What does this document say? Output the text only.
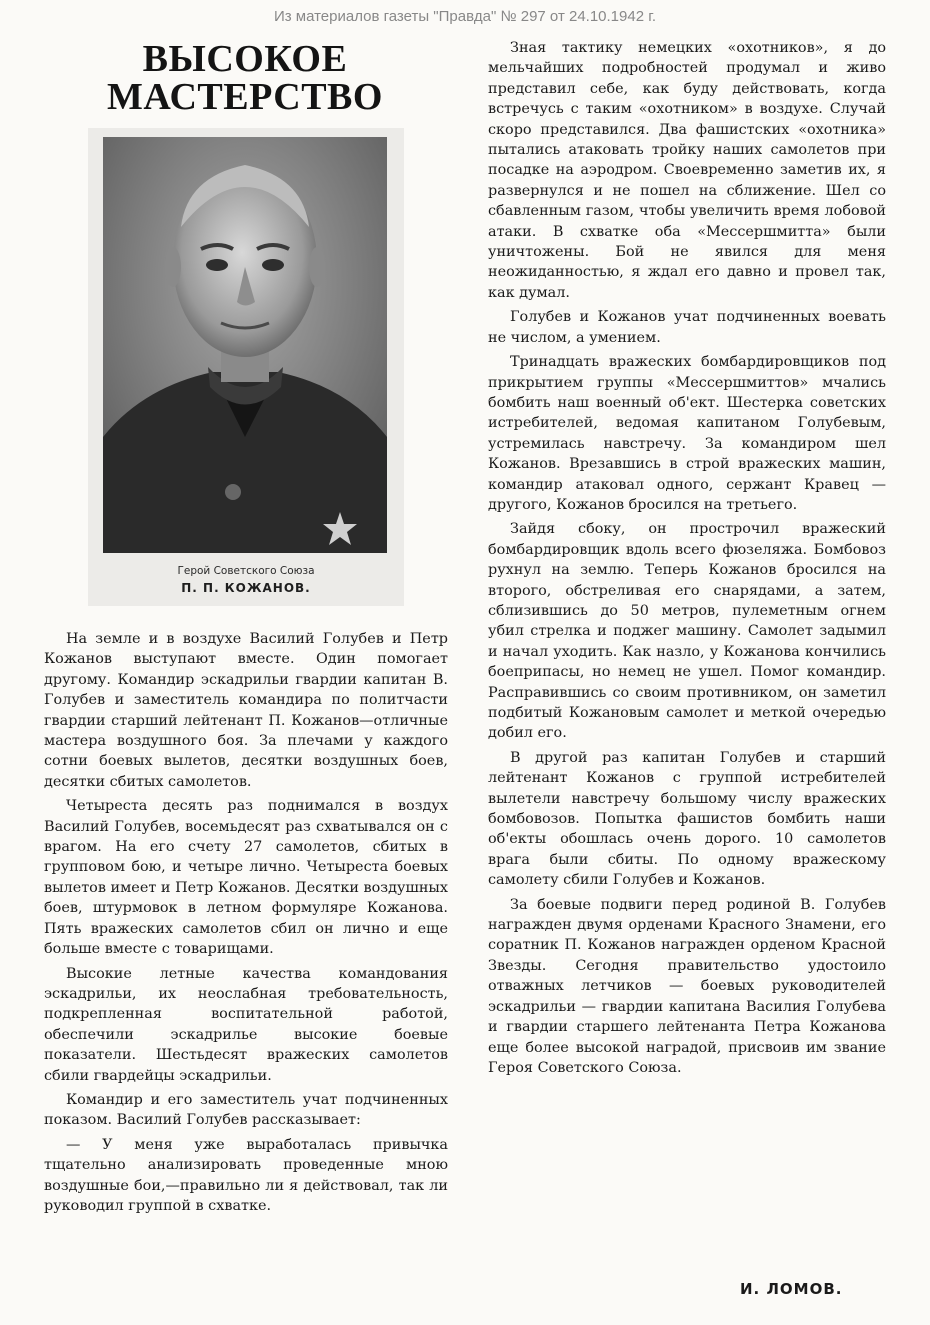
Из материалов газеты "Правда" № 297 от 24.10.1942 г.
ВЫСОКОЕ МАСТЕРСТВО
Герой Советского Союза
П. П. КОЖАНОВ.

На земле и в воздухе Василий Голубев и Петр Кожанов выступают вместе. Один помогает другому. Командир эскадрильи гвардии капитан В. Голубев и заместитель командира по политчасти гвардии старший лейтенант П. Кожанов—отличные мастера воздушного боя. За плечами у каждого сотни боевых вылетов, десятки воздушных боев, десятки сбитых самолетов.

Четыреста десять раз поднимался в воздух Василий Голубев, восемьдесят раз схватывался он с врагом. На его счету 27 самолетов, сбитых в групповом бою, и четыре лично. Четыреста боевых вылетов имеет и Петр Кожанов. Десятки воздушных боев, штурмовок в летном формуляре Кожанова. Пять вражеских самолетов сбил он лично и еще больше вместе с товарищами.

Высокие летные качества командования эскадрильи, их неослабная требовательность, подкрепленная воспитательной работой, обеспечили эскадрилье высокие боевые показатели. Шестьдесят вражеских самолетов сбили гвардейцы эскадрильи.

Командир и его заместитель учат подчиненных показом. Василий Голубев рассказывает:

— У меня уже выработалась привычка тщательно анализировать проведенные мною воздушные бои,—правильно ли я действовал, так ли руководил группой в схватке.

Зная тактику немецких «охотников», я до мельчайших подробностей продумал и живо представил себе, как буду действовать, когда встречусь с таким «охотником» в воздухе. Случай скоро представился. Два фашистских «охотника» пытались атаковать тройку наших самолетов при посадке на аэродром. Своевременно заметив их, я развернулся и не пошел на сближение. Шел со сбавленным газом, чтобы увеличить время лобовой атаки. В схватке оба «Мессершмитта» были уничтожены. Бой не явился для меня неожиданностью, я ждал его давно и провел так, как думал.

Голубев и Кожанов учат подчиненных воевать не числом, а умением.

Тринадцать вражеских бомбардировщиков под прикрытием группы «Мессершмиттов» мчались бомбить наш военный об'ект. Шестерка советских истребителей, ведомая капитаном Голубевым, устремилась навстречу. За командиром шел Кожанов. Врезавшись в строй вражеских машин, командир атаковал одного, сержант Кравец — другого, Кожанов бросился на третьего.

Зайдя сбоку, он прострочил вражеский бомбардировщик вдоль всего фюзеляжа. Бомбовоз рухнул на землю. Теперь Кожанов бросился на второго, обстреливая его снарядами, а затем, сблизившись до 50 метров, пулеметным огнем убил стрелка и поджег машину. Самолет задымил и начал уходить. Как назло, у Кожанова кончились боеприпасы, но немец не ушел. Помог командир. Расправившись со своим противником, он заметил подбитый Кожановым самолет и меткой очередью добил его.

В другой раз капитан Голубев и старший лейтенант Кожанов с группой истребителей вылетели навстречу большому числу вражеских бомбовозов. Попытка фашистов бомбить наши об'екты обошлась очень дорого. 10 самолетов врага были сбиты. По одному вражескому самолету сбили Голубев и Кожанов.

За боевые подвиги перед родиной В. Голубев награжден двумя орденами Красного Знамени, его соратник П. Кожанов награжден орденом Красной Звезды. Сегодня правительство удостоило отважных летчиков — боевых руководителей эскадрильи — гвардии капитана Василия Голубева и гвардии старшего лейтенанта Петра Кожанова еще более высокой наградой, присвоив им звание Героя Советского Союза.

И. ЛОМОВ.
